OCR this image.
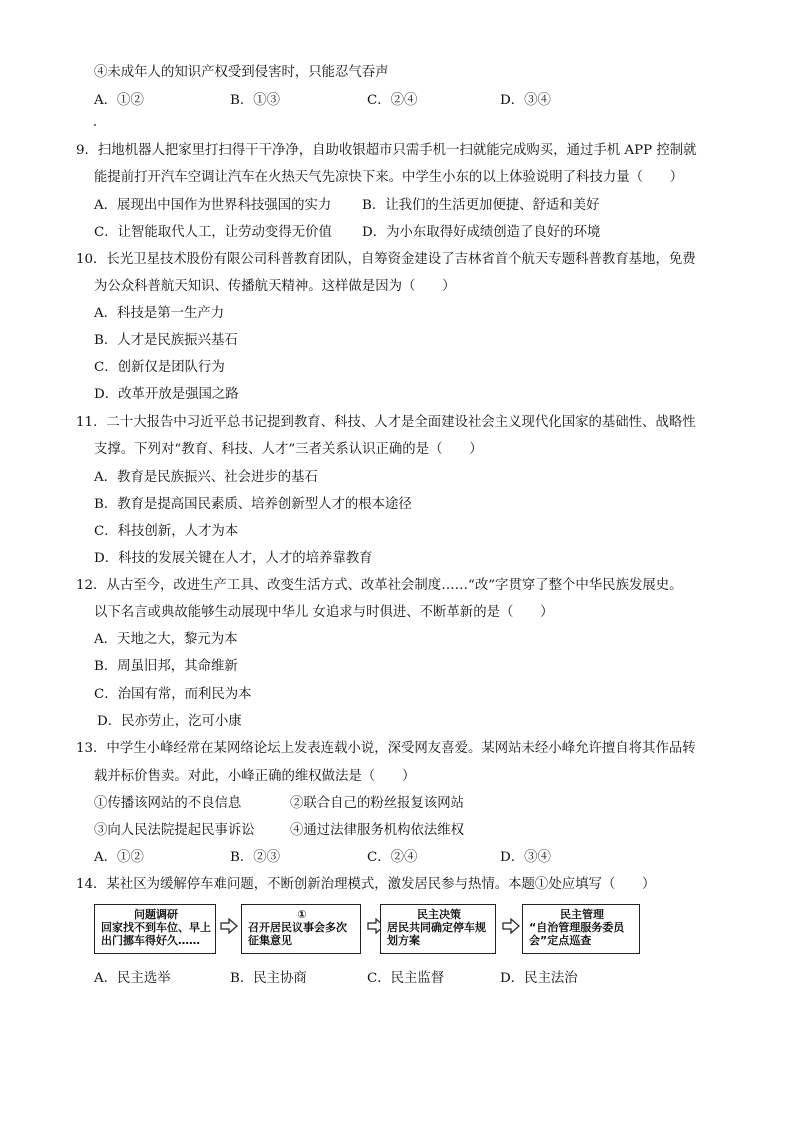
④未成年人的知识产权受到侵害时，只能忍气吞声
A．①②	B．①③	C．②④	D．③④
9．扫地机器人把家里打扫得干干净净，自助收银超市只需手机一扫就能完成购买，通过手机 APP 控制就
能提前打开汽车空调让汽车在火热天气先凉快下来。中学生小东的以上体验说明了科技力量（　　）
A．展现出中国作为世界科技强国的实力 B．让我们的生活更加便捷、舒适和美好
C．让智能取代人工，让劳动变得无价值 D．为小东取得好成绩创造了良好的环境
10．长光卫星技术股份有限公司科普教育团队，自筹资金建设了吉林省首个航天专题科普教育基地，免费
为公众科普航天知识、传播航天精神。这样做是因为（　　）
A．科技是第一生产力
B．人才是民族振兴基石
C．创新仅是团队行为
D．改革开放是强国之路
11．二十大报告中习近平总书记提到教育、科技、人才是全面建设社会主义现代化国家的基础性、战略性
支撑。下列对“教育、科技、人才”三者关系认识正确的是（　　）
A．教育是民族振兴、社会进步的基石
B．教育是提高国民素质、培养创新型人才的根本途径
C．科技创新，人才为本
D．科技的发展关键在人才，人才的培养靠教育
12．从古至今，改进生产工具、改变生活方式、改革社会制度……“改”字贯穿了整个中华民族发展史。
以下名言或典故能够生动展现中华儿 女追求与时俱进、不断革新的是（　　）
A．天地之大，黎元为本
B．周虽旧邦，其命维新
C．治国有常，而利民为本
D．民亦劳止，汔可小康
13．中学生小峰经常在某网络论坛上发表连载小说，深受网友喜爱。某网站未经小峰允许擅自将其作品转
载并标价售卖。对此，小峰正确的维权做法是（　　）
①传播该网站的不良信息	②联合自己的粉丝报复该网站
③向人民法院提起民事诉讼	④通过法律服务机构依法维权
A．①②	B．②③	C．②④	D．③④
14．某社区为缓解停车难问题，不断创新治理模式，激发居民参与热情。本题①处应填写（　　）
问题调研
回家找不到车位、早上出门挪车得好久……
①
召开居民议事会多次征集意见
民主决策
居民共同确定停车规划方案
民主管理
“自治管理服务委员会”定点巡查
A．民主选举	B．民主协商	C．民主监督	D．民主法治
